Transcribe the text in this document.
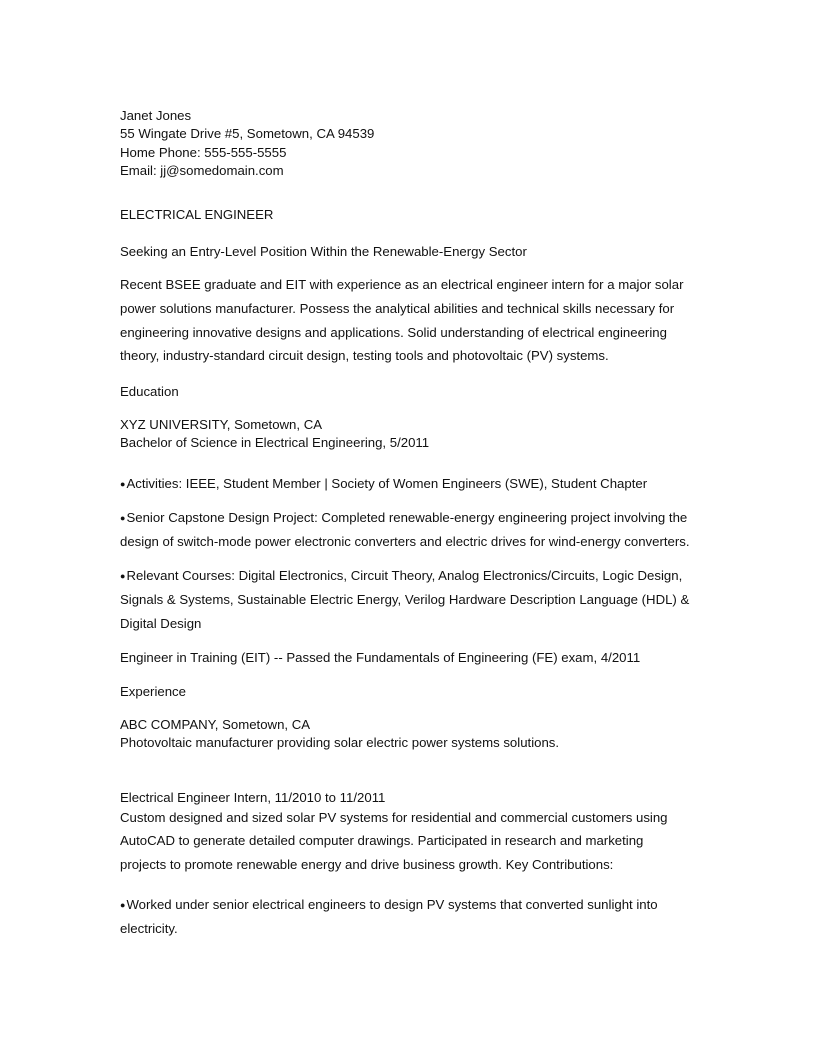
Janet Jones
55 Wingate Drive #5, Sometown, CA 94539
Home Phone: 555-555-5555
Email: jj@somedomain.com
ELECTRICAL ENGINEER
Seeking an Entry-Level Position Within the Renewable-Energy Sector
Recent BSEE graduate and EIT with experience as an electrical engineer intern for a major solar
power solutions manufacturer. Possess the analytical abilities and technical skills necessary for
engineering innovative designs and applications. Solid understanding of electrical engineering
theory, industry-standard circuit design, testing tools and photovoltaic (PV) systems.
Education
XYZ UNIVERSITY, Sometown, CA
Bachelor of Science in Electrical Engineering, 5/2011
●Activities: IEEE, Student Member | Society of Women Engineers (SWE), Student Chapter
●Senior Capstone Design Project: Completed renewable-energy engineering project involving the
design of switch-mode power electronic converters and electric drives for wind-energy converters.
●Relevant Courses: Digital Electronics, Circuit Theory, Analog Electronics/Circuits, Logic Design,
Signals & Systems, Sustainable Electric Energy, Verilog Hardware Description Language (HDL) &
Digital Design
Engineer in Training (EIT) -- Passed the Fundamentals of Engineering (FE) exam, 4/2011
Experience
ABC COMPANY, Sometown, CA
Photovoltaic manufacturer providing solar electric power systems solutions.
Electrical Engineer Intern, 11/2010 to 11/2011
Custom designed and sized solar PV systems for residential and commercial customers using
AutoCAD to generate detailed computer drawings. Participated in research and marketing
projects to promote renewable energy and drive business growth. Key Contributions:
●Worked under senior electrical engineers to design PV systems that converted sunlight into
electricity.
